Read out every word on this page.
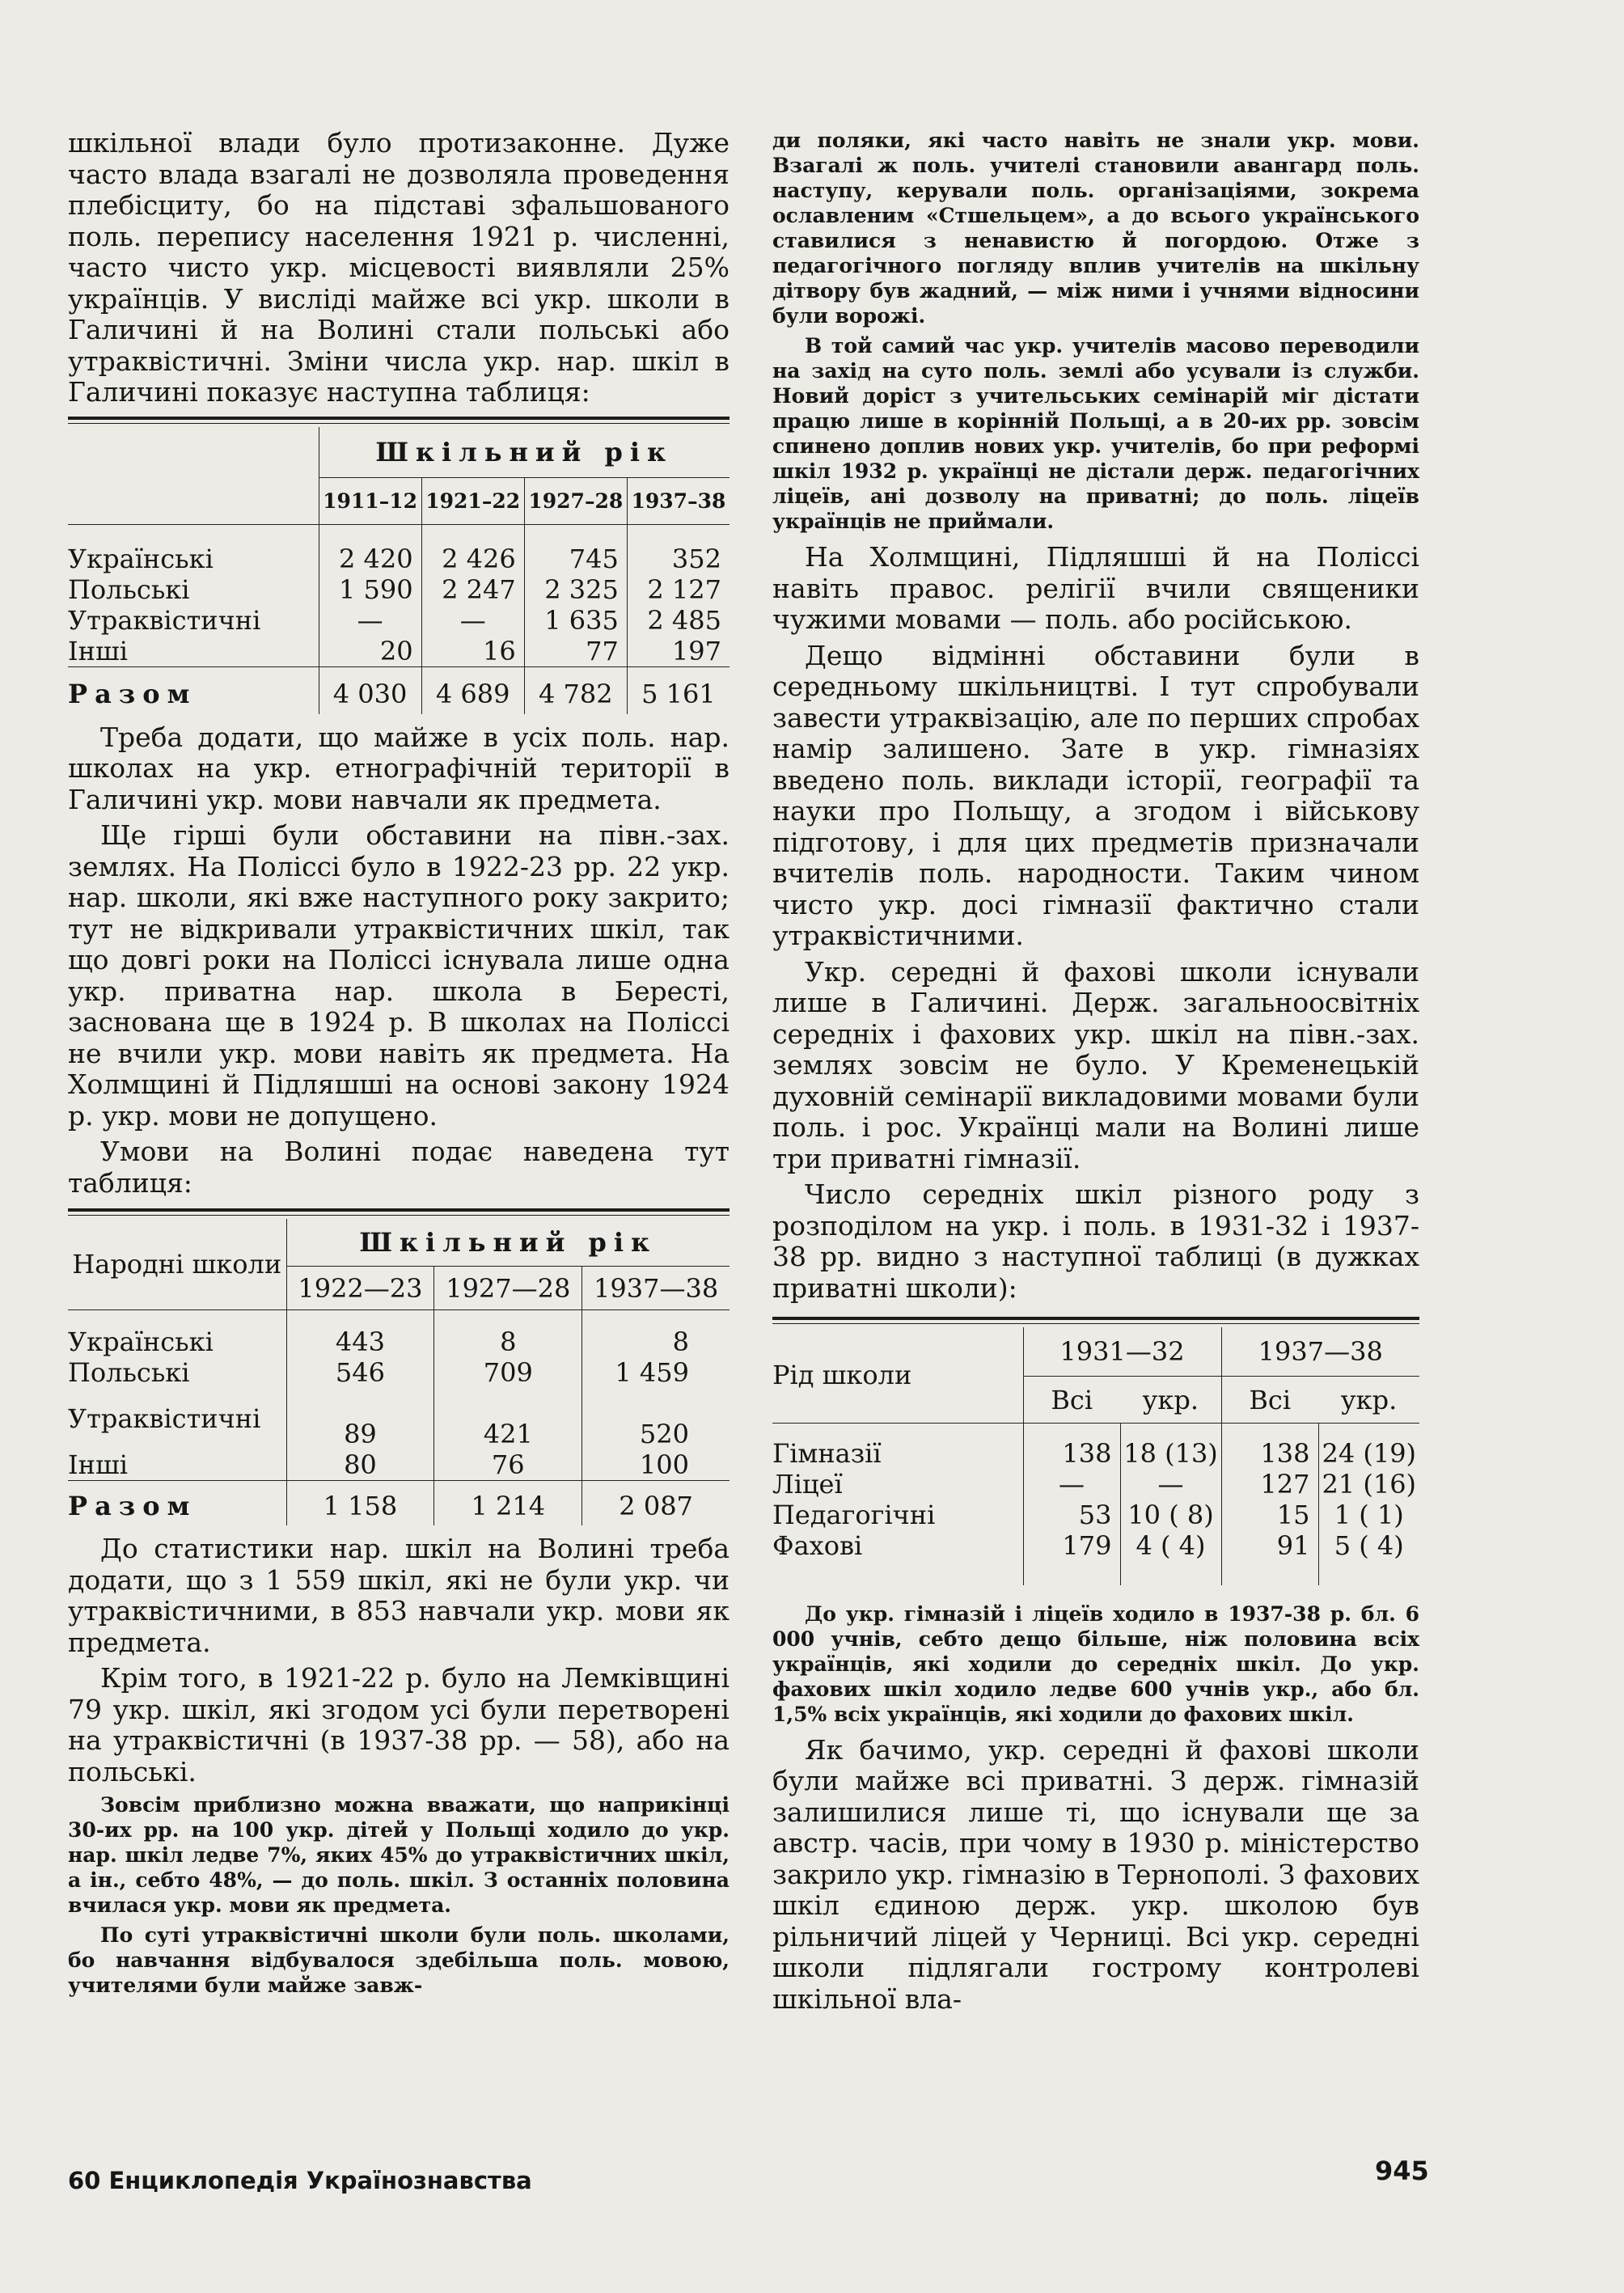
шкільної влади було протизаконне. Дуже часто влада взагалі не дозволяла проведення плебісциту, бо на підставі зфальшованого поль. перепису населення 1921 р. численні, часто чисто укр. місцевості виявляли 25% українців. У висліді майже всі укр. школи в Галичині й на Волині стали польські або утраквістичні. Зміни числа укр. нар. шкіл в Галичині показує наступна таблиця:

	Шкільний рік			
	1911–12	1921–22	1927–28	1937–38

Українські	2 420	2 426	745	352
Польські	1 590	2 247	2 325	2 127
Утраквістичні	—	—	1 635	2 485
Інші	20	16	77	197
Разом	4 030	4 689	4 782	5 161

Треба додати, що майже в усіх поль. нар. школах на укр. етнографічній території в Галичині укр. мови навчали як предмета.

Ще гірші були обставини на півн.-зах. землях. На Поліссі було в 1922-23 рр. 22 укр. нар. школи, які вже наступного року закрито; тут не відкривали утраквістичних шкіл, так що довгі роки на Поліссі існувала лише одна укр. приватна нар. школа в Бересті, заснована ще в 1924 р. В школах на Поліссі не вчили укр. мови навіть як предмета. На Холмщині й Підляшші на основі закону 1924 р. укр. мови не допущено.

Умови на Волині подає наведена тут таблиця:

Народні школи	Шкільний рік		
	1922—23	1927—28	1937—38

Українські	443	8	8
Польські	546	709	1 459
Утраквістичні	89	421	520
Інші	80	76	100
Разом	1 158	1 214	2 087

До статистики нар. шкіл на Волині треба додати, що з 1 559 шкіл, які не були укр. чи утраквістичними, в 853 навчали укр. мови як предмета.

Крім того, в 1921-22 р. було на Лемківщині 79 укр. шкіл, які згодом усі були перетворені на утраквістичні (в 1937-38 рр. — 58), або на польські.

Зовсім приблизно можна вважати, що наприкінці 30-их рр. на 100 укр. дітей у Польщі ходило до укр. нар. шкіл ледве 7%, яких 45% до утраквістичних шкіл, а ін., себто 48%, — до поль. шкіл. З останніх половина вчилася укр. мови як предмета.

По суті утраквістичні школи були поль. школами, бо навчання відбувалося здебільша поль. мовою, учителями були майже завж-

ди поляки, які часто навіть не знали укр. мови. Взагалі ж поль. учителі становили авангард поль. наступу, керували поль. організаціями, зокрема ославленим «Стшельцем», а до всього українського ставилися з ненавистю й погордою. Отже з педагогічного погляду вплив учителів на шкільну дітвору був жадний, — між ними і учнями відносини були ворожі.

В той самий час укр. учителів масово переводили на захід на суто поль. землі або усували із служби. Новий доріст з учительських семінарій міг дістати працю лише в корінній Польщі, а в 20-их рр. зовсім спинено доплив нових укр. учителів, бо при реформі шкіл 1932 р. українці не дістали держ. педагогічних ліцеїв, ані дозволу на приватні; до поль. ліцеїв українців не приймали.

На Холмщині, Підляшші й на Поліссі навіть правос. релігії вчили священики чужими мовами — поль. або російською.

Дещо відмінні обставини були в середньому шкільництві. І тут спробували завести утраквізацію, але по перших спробах намір залишено. Зате в укр. гімназіях введено поль. виклади історії, географії та науки про Польщу, а згодом і військову підготову, і для цих предметів призначали вчителів поль. народности. Таким чином чисто укр. досі гімназії фактично стали утраквістичними.

Укр. середні й фахові школи існували лише в Галичині. Держ. загальноосвітніх середніх і фахових укр. шкіл на півн.-зах. землях зовсім не було. У Кременецькій духовній семінарії викладовими мовами були поль. і рос. Українці мали на Волині лише три приватні гімназії.

Число середніх шкіл різного роду з розподілом на укр. і поль. в 1931-32 і 1937-38 рр. видно з наступної таблиці (в дужках приватні школи):

Рід школи	1931—32		1937—38	
	Всі	укр.	Всі	укр.

Гімназії	138	18 (13)	138	24 (19)
Ліцеї	—	—	127	21 (16)
Педагогічні	53	10 ( 8)	15	1 ( 1)
Фахові	179	4 ( 4)	91	5 ( 4)

До укр. гімназій і ліцеїв ходило в 1937-38 р. бл. 6 000 учнів, себто дещо більше, ніж половина всіх українців, які ходили до середніх шкіл. До укр. фахових шкіл ходило ледве 600 учнів укр., або бл. 1,5% всіх українців, які ходили до фахових шкіл.

Як бачимо, укр. середні й фахові школи були майже всі приватні. З держ. гімназій залишилися лише ті, що існували ще за австр. часів, при чому в 1930 р. міністерство закрило укр. гімназію в Тернополі. З фахових шкіл єдиною держ. укр. школою був рільничий ліцей у Черниці. Всі укр. середні школи підлягали гострому контролеві шкільної вла-

60 Енциклопедія Українознавства	945
